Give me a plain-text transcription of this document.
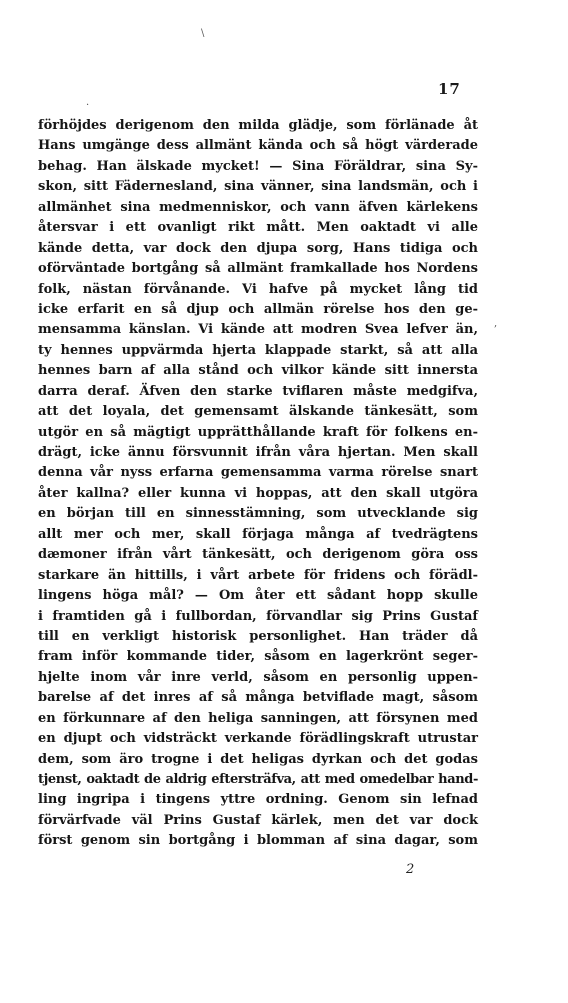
\
·
,
17
förhöjdes derigenom den milda glädje, som förlänade åt
Hans umgänge dess allmänt kända och så högt värderade
behag. Han älskade mycket! — Sina Föräldrar, sina Sy-
skon, sitt Fädernesland, sina vänner, sina landsmän, och i
allmänhet sina medmenniskor, och vann äfven kärlekens
återsvar i ett ovanligt rikt mått. Men oaktadt vi alle
kände detta, var dock den djupa sorg, Hans tidiga och
oförväntade bortgång så allmänt framkallade hos Nordens
folk, nästan förvånande. Vi hafve på mycket lång tid
icke erfarit en så djup och allmän rörelse hos den ge-
mensamma känslan. Vi kände att modren Svea lefver än,
ty hennes uppvärmda hjerta klappade starkt, så att alla
hennes barn af alla stånd och vilkor kände sitt innersta
darra deraf. Äfven den starke tviflaren måste medgifva,
att det loyala, det gemensamt älskande tänkesätt, som
utgör en så mägtigt upprätthållande kraft för folkens en-
drägt, icke ännu försvunnit ifrån våra hjertan. Men skall
denna vår nyss erfarna gemensamma varma rörelse snart
åter kallna? eller kunna vi hoppas, att den skall utgöra
en början till en sinnesstämning, som utvecklande sig
allt mer och mer, skall förjaga många af tvedrägtens
dæmoner ifrån vårt tänkesätt, och derigenom göra oss
starkare än hittills, i vårt arbete för fridens och förädl-
lingens höga mål? — Om åter ett sådant hopp skulle
i framtiden gå i fullbordan, förvandlar sig Prins Gustaf
till en verkligt historisk personlighet. Han träder då
fram inför kommande tider, såsom en lagerkrönt seger-
hjelte inom vår inre verld, såsom en personlig uppen-
barelse af det inres af så många betviflade magt, såsom
en förkunnare af den heliga sanningen, att försynen med
en djupt och vidsträckt verkande förädlingskraft utrustar
dem, som äro trogne i det heligas dyrkan och det godas
tjenst, oaktadt de aldrig eftersträfva, att med omedelbar hand-
ling ingripa i tingens yttre ordning. Genom sin lefnad
förvärfvade väl Prins Gustaf kärlek, men det var dock
först genom sin bortgång i blomman af sina dagar, som
2
